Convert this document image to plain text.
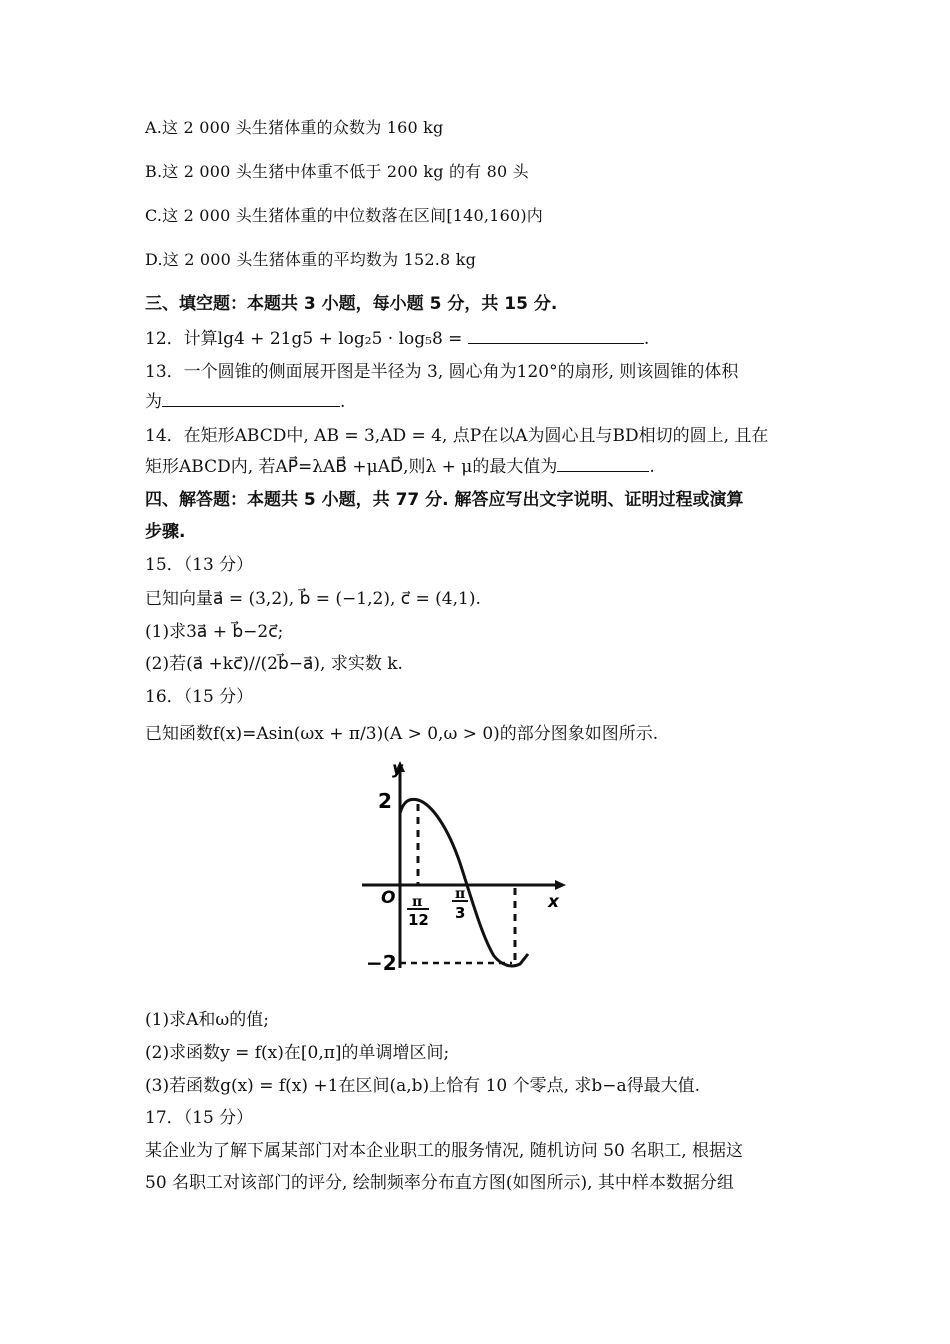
A.这 2 000 头生猪体重的众数为 160 kg
B.这 2 000 头生猪中体重不低于 200 kg 的有 80 头
C.这 2 000 头生猪体重的中位数落在区间[140,160)内
D.这 2 000 头生猪体重的平均数为 152.8 kg
三、填空题：本题共 3 小题，每小题 5 分，共 15 分.
12．计算lg4 + 21g5 + log₂5 · log₅8 =	.
13．一个圆锥的侧面展开图是半径为 3, 圆心角为120°的扇形, 则该圆锥的体积
为	.
14．在矩形ABCD中, AB = 3,AD = 4, 点P在以A为圆心且与BD相切的圆上, 且在
矩形ABCD内, 若AP⃗=λAB⃗ +μAD⃗,则λ + μ的最大值为	.
四、解答题：本题共 5 小题，共 77 分. 解答应写出文字说明、证明过程或演算
步骤.
15．（13 分）
已知向量a⃗ = (3,2), b⃗ = (−1,2), c⃗ = (4,1).
(1)求3a⃗ + b⃗−2c⃗;
(2)若(a⃗ +kc⃗)//(2b⃗−a⃗), 求实数 k.
16．（15 分）
已知函数f(x)=Asin(ωx + π/3)(A > 0,ω > 0)的部分图象如图所示.
y
x
O
2
−2
π
12
π
3
(1)求A和ω的值;
(2)求函数y = f(x)在[0,π]的单调增区间;
(3)若函数g(x) = f(x) +1在区间(a,b)上恰有 10 个零点, 求b−a得最大值.
17．（15 分）
某企业为了解下属某部门对本企业职工的服务情况, 随机访问 50 名职工, 根据这
50 名职工对该部门的评分, 绘制频率分布直方图(如图所示), 其中样本数据分组
